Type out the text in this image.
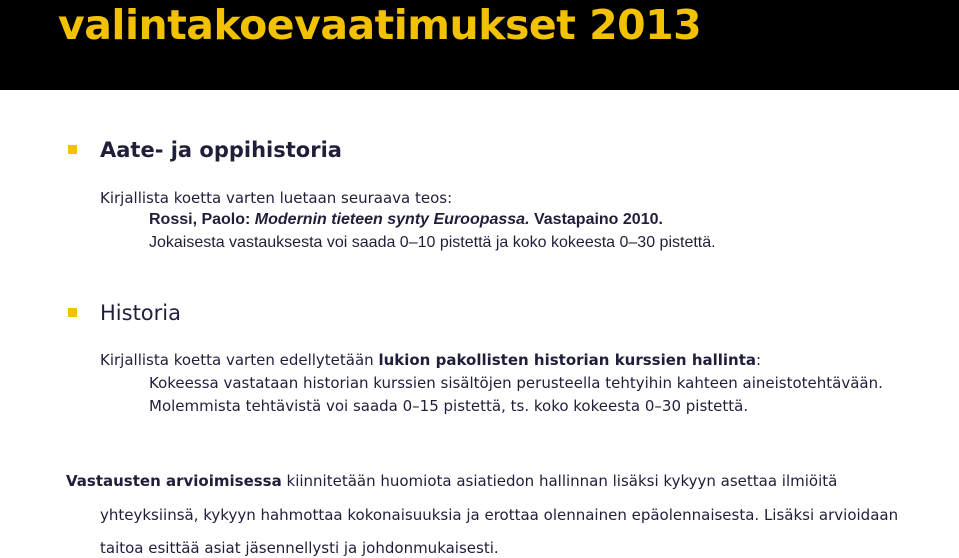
valintakoevaatimukset 2013
Aate- ja oppihistoria
Kirjallista koetta varten luetaan seuraava teos:
Rossi, Paolo: Modernin tieteen synty Euroopassa. Vastapaino 2010.
Jokaisesta vastauksesta voi saada 0–10 pistettä ja koko kokeesta 0–30 pistettä.
Historia
Kirjallista koetta varten edellytetään lukion pakollisten historian kurssien hallinta:
Kokeessa vastataan historian kurssien sisältöjen perusteella tehtyihin kahteen aineistotehtävään.
Molemmista tehtävistä voi saada 0–15 pistettä, ts. koko kokeesta 0–30 pistettä.
Vastausten arvioimisessa kiinnitetään huomiota asiatiedon hallinnan lisäksi kykyyn asettaa ilmiöitä
yhteyksiinsä, kykyyn hahmottaa kokonaisuuksia ja erottaa olennainen epäolennaisesta. Lisäksi arvioidaan
taitoa esittää asiat jäsennellysti ja johdonmukaisesti.
